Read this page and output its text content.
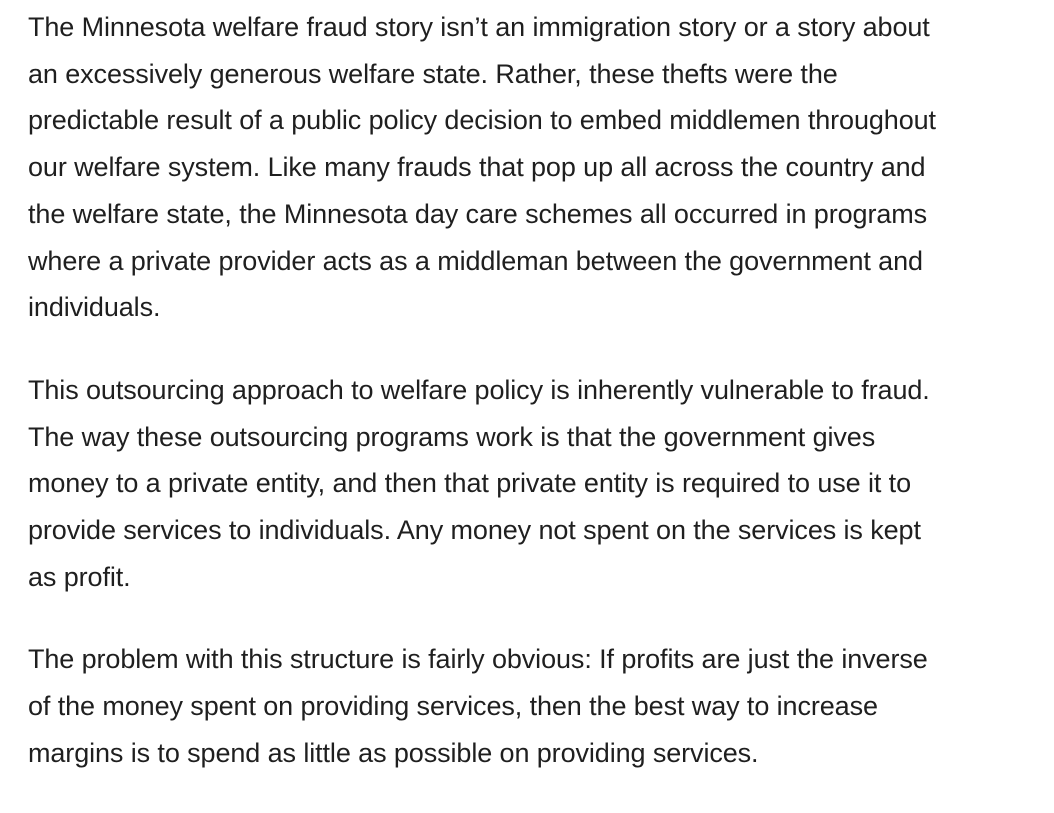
The Minnesota welfare fraud story isn’t an immigration story or a story about
an excessively generous welfare state. Rather, these thefts were the
predictable result of a public policy decision to embed middlemen throughout
our welfare system. Like many frauds that pop up all across the country and
the welfare state, the Minnesota day care schemes all occurred in programs
where a private provider acts as a middleman between the government and
individuals.

This outsourcing approach to welfare policy is inherently vulnerable to fraud.
The way these outsourcing programs work is that the government gives
money to a private entity, and then that private entity is required to use it to
provide services to individuals. Any money not spent on the services is kept
as profit.

The problem with this structure is fairly obvious: If profits are just the inverse
of the money spent on providing services, then the best way to increase
margins is to spend as little as possible on providing services.
